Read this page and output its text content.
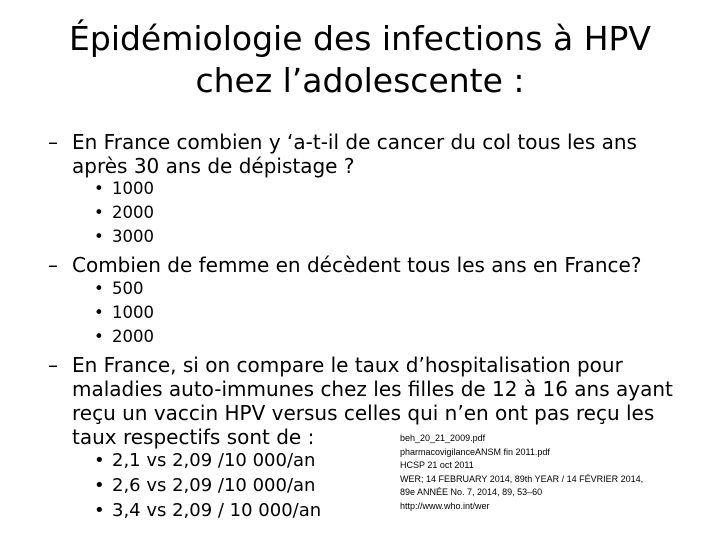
Épidémiologie des infections à HPV
chez l’adolescente :
– En France combien y ‘a-t-il de cancer du col tous les ans
après 30 ans de dépistage ?
• 1000
• 2000
• 3000
– Combien de femme en décèdent tous les ans en France?
• 500
• 1000
• 2000
– En France, si on compare le taux d’hospitalisation pour
maladies auto-immunes chez les filles de 12 à 16 ans ayant
reçu un vaccin HPV versus celles qui n’en ont pas reçu les
taux respectifs sont de :
• 2,1 vs 2,09 /10 000/an
• 2,6 vs 2,09 /10 000/an
• 3,4 vs 2,09 / 10 000/an
beh_20_21_2009.pdf
pharmacovigilanceANSM fin 2011.pdf
HCSP 21 oct 2011
WER; 14 FEBRUARY 2014, 89th YEAR / 14 FÉVRIER 2014,
89e ANNÉE No. 7, 2014, 89, 53–60
http://www.who.int/wer
